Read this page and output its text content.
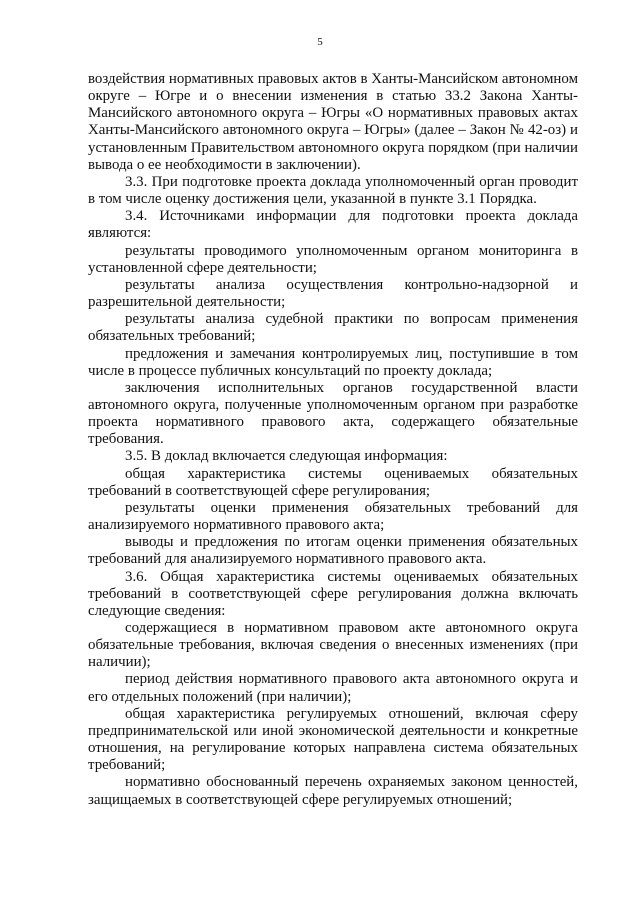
5

воздействия нормативных правовых актов в Ханты-Мансийском автономном округе – Югре и о внесении изменения в статью 33.2 Закона Ханты-Мансийского автономного округа – Югры «О нормативных правовых актах Ханты-Мансийского автономного округа – Югры» (далее – Закон № 42-оз) и установленным Правительством автономного округа порядком (при наличии вывода о ее необходимости в заключении).

3.3. При подготовке проекта доклада уполномоченный орган проводит в том числе оценку достижения цели, указанной в пункте 3.1 Порядка.

3.4. Источниками информации для подготовки проекта доклада являются:

результаты проводимого уполномоченным органом мониторинга в установленной сфере деятельности;

результаты анализа осуществления контрольно-надзорной и разрешительной деятельности;

результаты анализа судебной практики по вопросам применения обязательных требований;

предложения и замечания контролируемых лиц, поступившие в том числе в процессе публичных консультаций по проекту доклада;

заключения исполнительных органов государственной власти автономного округа, полученные уполномоченным органом при разработке проекта нормативного правового акта, содержащего обязательные требования.

3.5. В доклад включается следующая информация:

общая характеристика системы оцениваемых обязательных требований в соответствующей сфере регулирования;

результаты оценки применения обязательных требований для анализируемого нормативного правового акта;

выводы и предложения по итогам оценки применения обязательных требований для анализируемого нормативного правового акта.

3.6. Общая характеристика системы оцениваемых обязательных требований в соответствующей сфере регулирования должна включать следующие сведения:

содержащиеся в нормативном правовом акте автономного округа обязательные требования, включая сведения о внесенных изменениях (при наличии);

период действия нормативного правового акта автономного округа и его отдельных положений (при наличии);

общая характеристика регулируемых отношений, включая сферу предпринимательской или иной экономической деятельности и конкретные отношения, на регулирование которых направлена система обязательных требований;

нормативно обоснованный перечень охраняемых законом ценностей, защищаемых в соответствующей сфере регулируемых отношений;
